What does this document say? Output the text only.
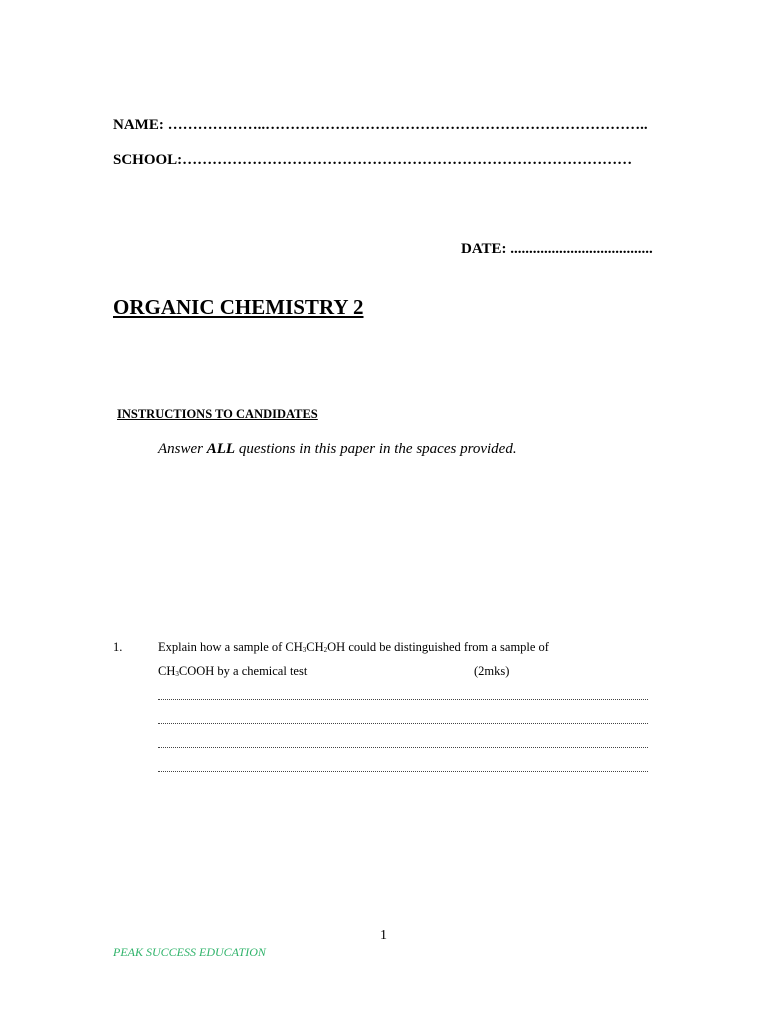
NAME: ………………..…………………………………………………………………..
SCHOOL:………………………………………………………………………………
DATE: ......................................
ORGANIC CHEMISTRY 2
INSTRUCTIONS TO CANDIDATES
Answer ALL questions in this paper in the spaces provided.
1.	Explain how a sample of $CH_3CH_2OH$ could be distinguished from a sample of
$CH_3COOH$ by a chemical test	(2mks)
1
PEAK SUCCESS EDUCATION
